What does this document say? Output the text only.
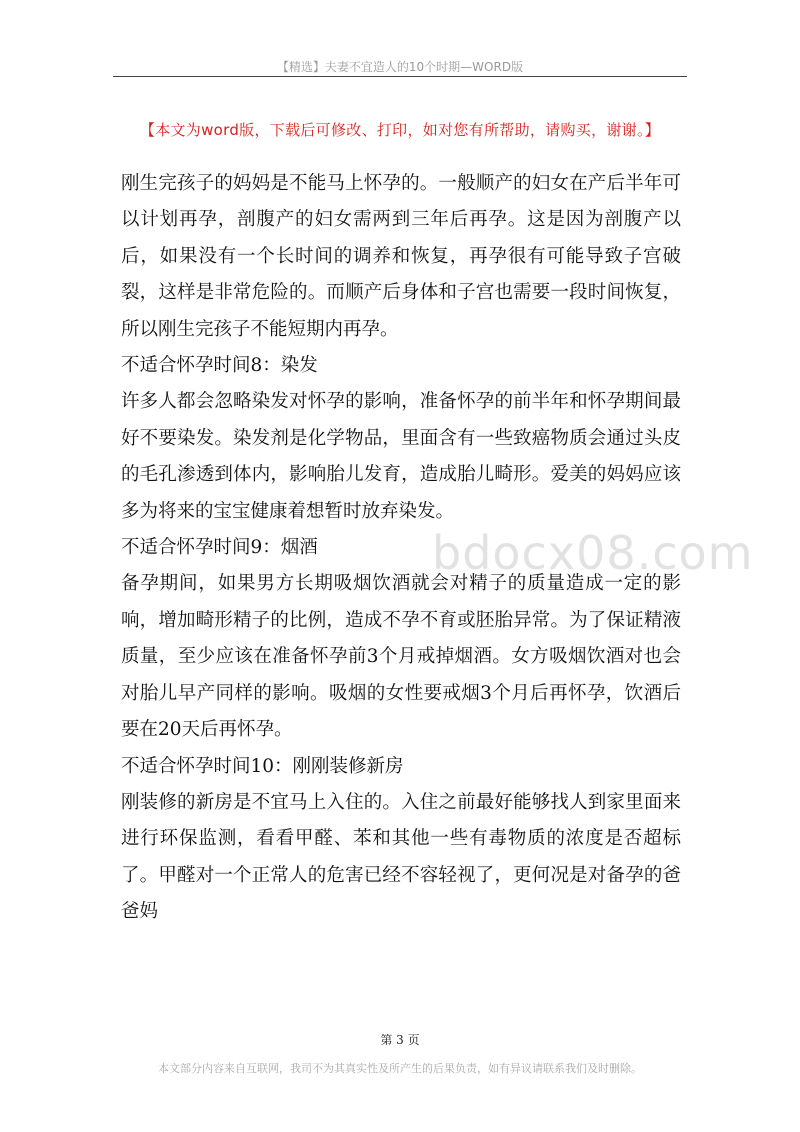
【精选】夫妻不宜造人的10个时期—WORD版
【本文为word版，下载后可修改、打印，如对您有所帮助，请购买，谢谢。】

刚生完孩子的妈妈是不能马上怀孕的。一般顺产的妇女在产后半年可以计划再孕，剖腹产的妇女需两到三年后再孕。这是因为剖腹产以后，如果没有一个长时间的调养和恢复，再孕很有可能导致子宫破裂，这样是非常危险的。而顺产后身体和子宫也需要一段时间恢复，所以刚生完孩子不能短期内再孕。

不适合怀孕时间8：染发

许多人都会忽略染发对怀孕的影响，准备怀孕的前半年和怀孕期间最好不要染发。染发剂是化学物品，里面含有一些致癌物质会通过头皮的毛孔渗透到体内，影响胎儿发育，造成胎儿畸形。爱美的妈妈应该多为将来的宝宝健康着想暂时放弃染发。

不适合怀孕时间9：烟酒

备孕期间，如果男方长期吸烟饮酒就会对精子的质量造成一定的影响，增加畸形精子的比例，造成不孕不育或胚胎异常。为了保证精液质量，至少应该在准备怀孕前3个月戒掉烟酒。女方吸烟饮酒对也会对胎儿早产同样的影响。吸烟的女性要戒烟3个月后再怀孕，饮酒后要在20天后再怀孕。

不适合怀孕时间10：刚刚装修新房

刚装修的新房是不宜马上入住的。入住之前最好能够找人到家里面来进行环保监测，看看甲醛、苯和其他一些有毒物质的浓度是否超标了。甲醛对一个正常人的危害已经不容轻视了，更何况是对备孕的爸爸妈

bdocx08.com
第 3 页
本文部分内容来自互联网，我司不为其真实性及所产生的后果负责，如有异议请联系我们及时删除。
